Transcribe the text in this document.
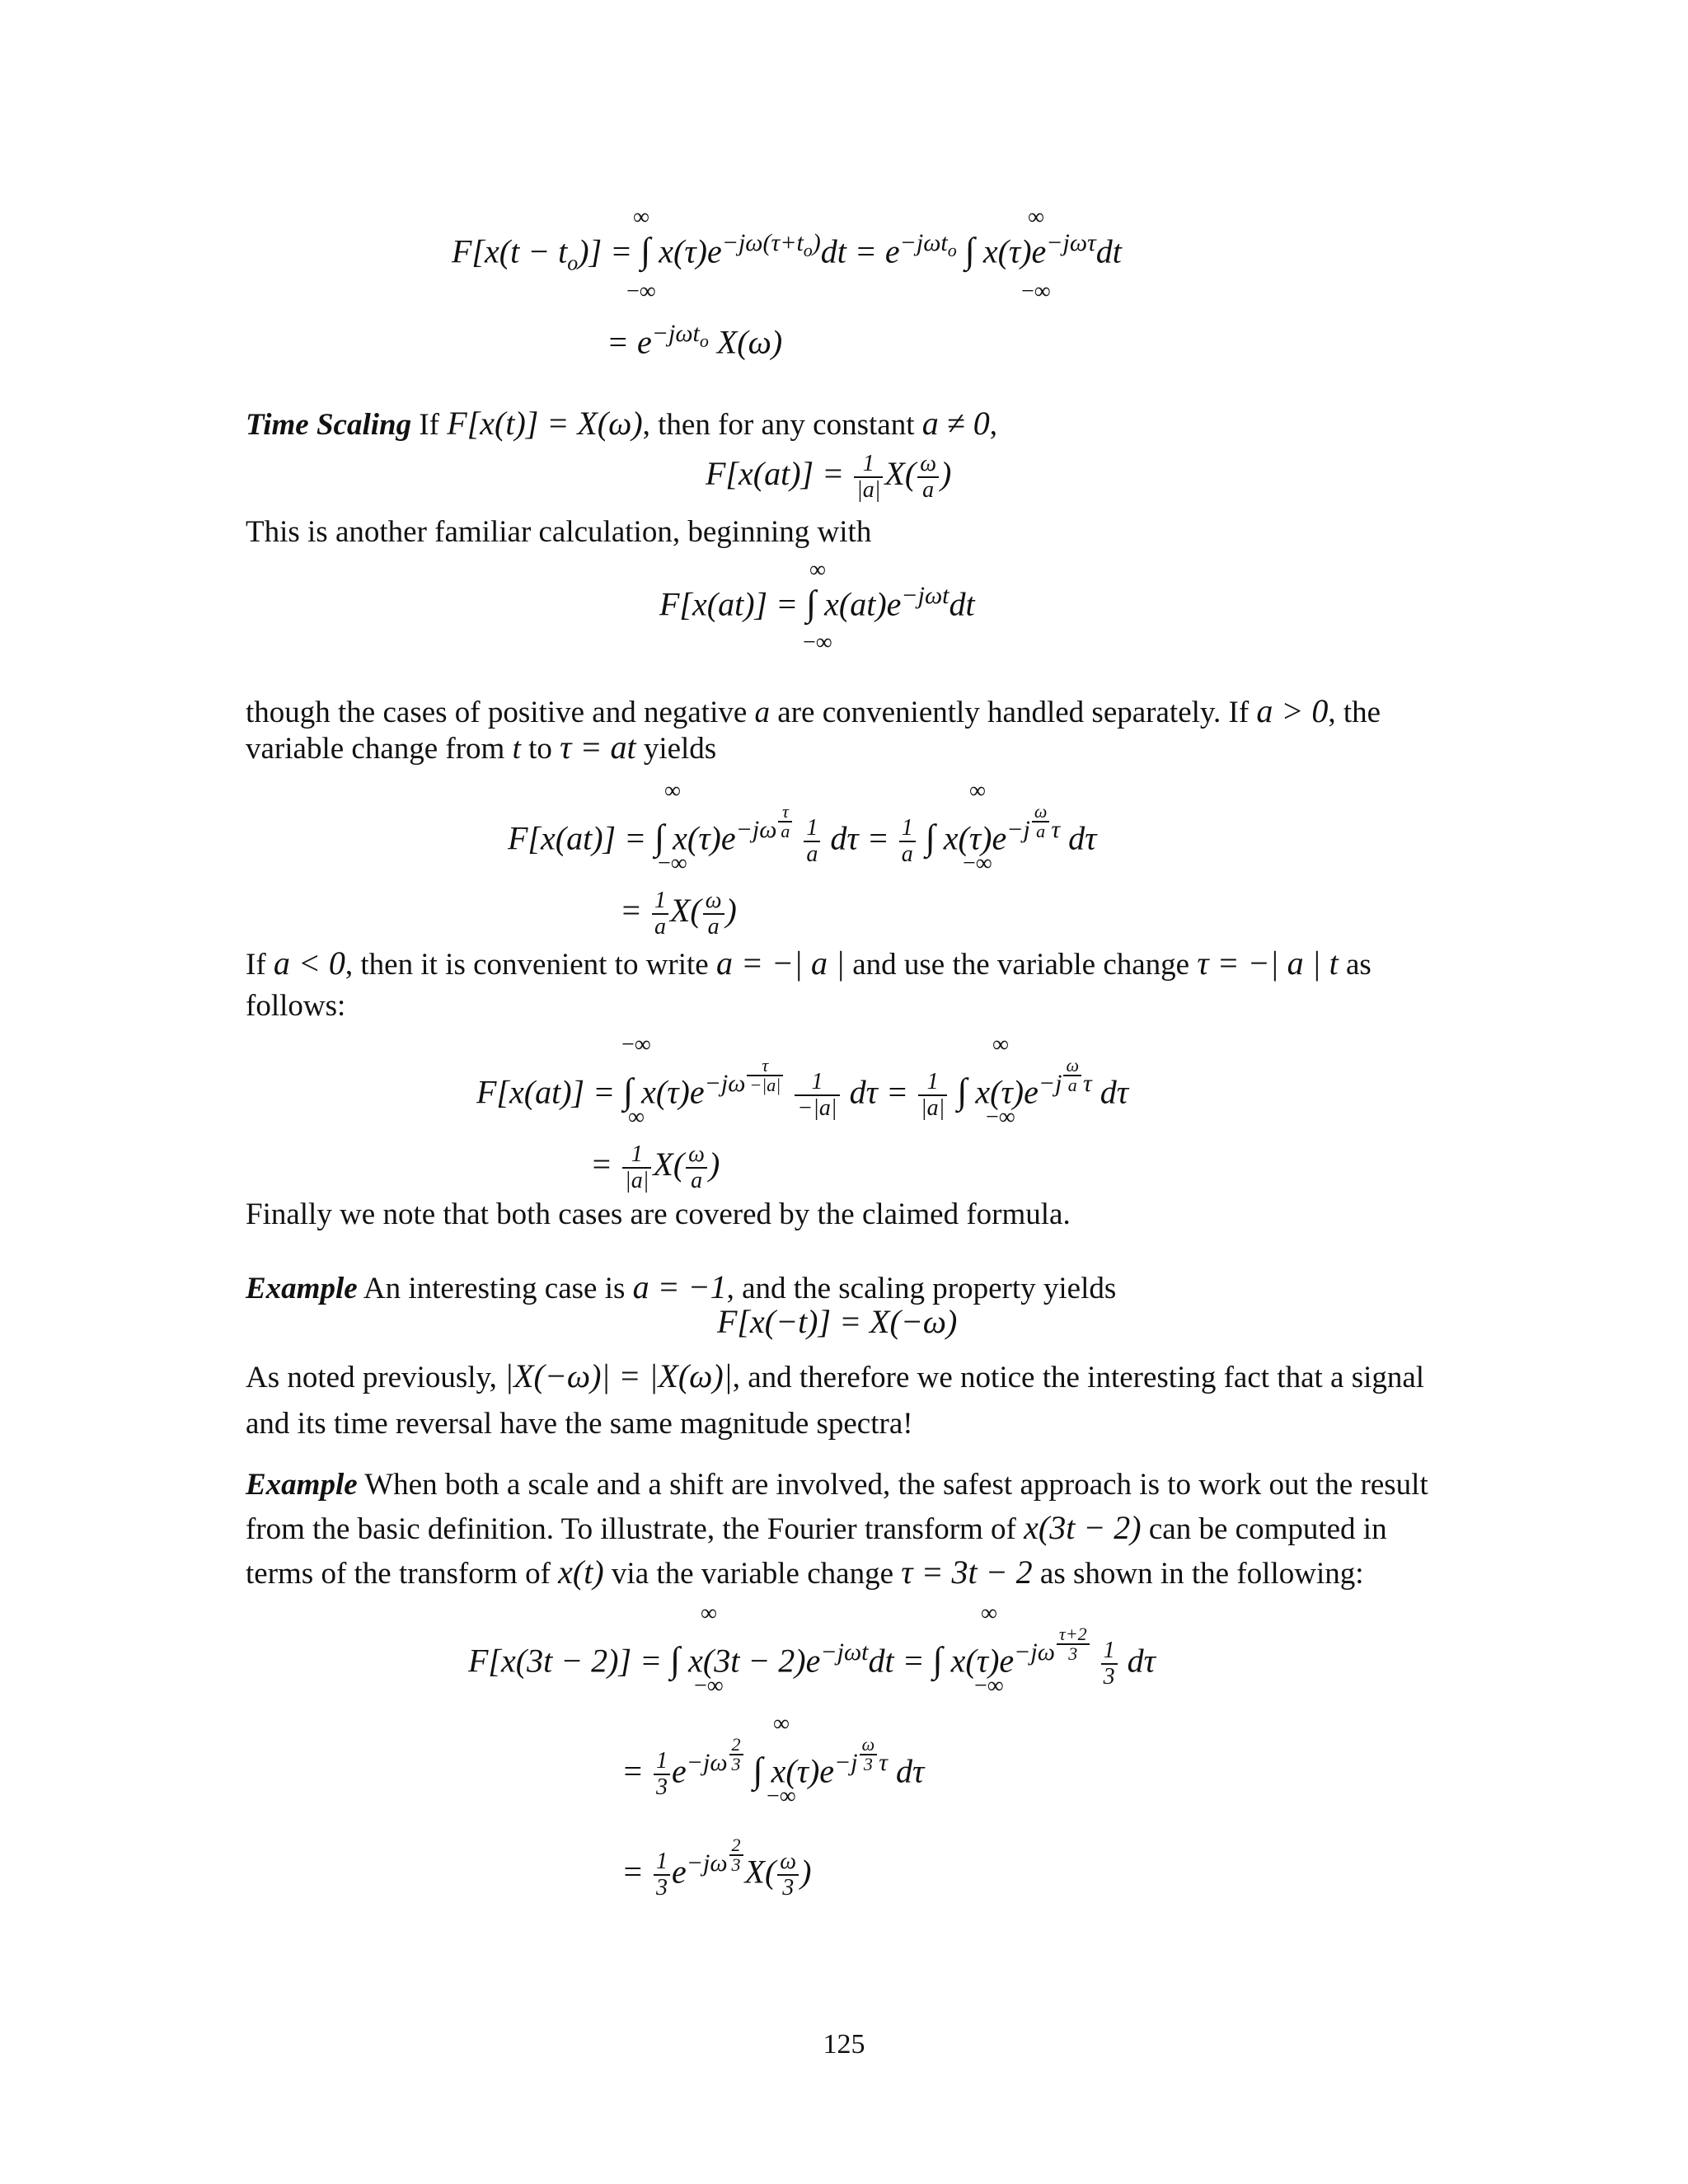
∞
−∞
∞
−∞
$F[x(t - t_o)]$ = ∫ $x(\tau)e^{-j\omega(\tau+t_o)}dt = e^{-j\omega t_o}$ ∫ $x(\tau)e^{-j\omega\tau}dt$
= $e^{-j\omega t_o}$ X(ω)
Time Scaling If F[x(t)] = X(ω), then for any constant a ≠ 0,
$F[x(at)] = \frac{1}{|a|} X( \frac{\omega}{a}$ )
This is another familiar calculation, beginning with
∞
−∞
F[x(at)] = ∫ $x(at)e^{-j\omega t}dt$

though the cases of positive and negative a are conveniently handled separately. If a > 0, the

variable change from t to τ = at yields

∞
−∞
∞
−∞
F[x(at)] = ∫ $x(\tau)e^{-j\omega \frac{\tau}{a}}$
$\frac{1}{a}$ $d\tau = \frac{1}{a}$ ∫ $x(\tau)e^{-j \frac{\omega}{a} \tau}$ dτ
= $\frac{1}{a} X( \frac{\omega}{a}$ )

If a < 0, then it is convenient to write a = −| a | and use the variable change τ = −| a | t as

follows:

−∞
∞
∞
−∞
F[x(at)] = ∫ $x(\tau)e^{-j\omega \frac{\tau}{-|a|}}$
$\frac{1}{-|a|}$ $d\tau = \frac{1}{|a|}$ ∫ $x(\tau)e^{-j \frac{\omega}{a} \tau}$ dτ
= $\frac{1}{|a|} X( \frac{\omega}{a}$ )
Finally we note that both cases are covered by the claimed formula.
Example An interesting case is a = −1, and the scaling property yields
F[x(−t)] = X(−ω)

As noted previously, |X(−ω)| = |X(ω)|, and therefore we notice the interesting fact that a signal

and its time reversal have the same magnitude spectra!

Example When both a scale and a shift are involved, the safest approach is to work out the result

from the basic definition. To illustrate, the Fourier transform of x(3t − 2) can be computed in

terms of the transform of x(t) via the variable change τ = 3t − 2 as shown in the following:

∞
−∞
∞
−∞
F[x(3t − 2)] = ∫ $x(3t - 2)e^{-j\omega t}dt$ = ∫ $x(\tau)e^{-j\omega \frac{\tau+2}{3}}$
$\frac{1}{3}$ dτ
∞
−∞
= $\frac{1}{3} e^{-j\omega \frac{2}{3}}$ ∫ $x(\tau)e^{-j \frac{\omega}{3} \tau}$ dτ
= $\frac{1}{3} e^{-j\omega \frac{2}{3}}$ $X( \frac{\omega}{3}$ )
125
